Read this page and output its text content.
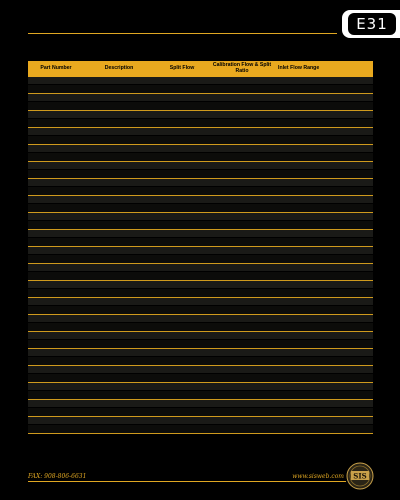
E31
Part Number	Description	Split Flow	Calibration Flow & Split Ratio	Inlet Flow Range
FAX: 908-806-6631	www.sisweb.com SIS
